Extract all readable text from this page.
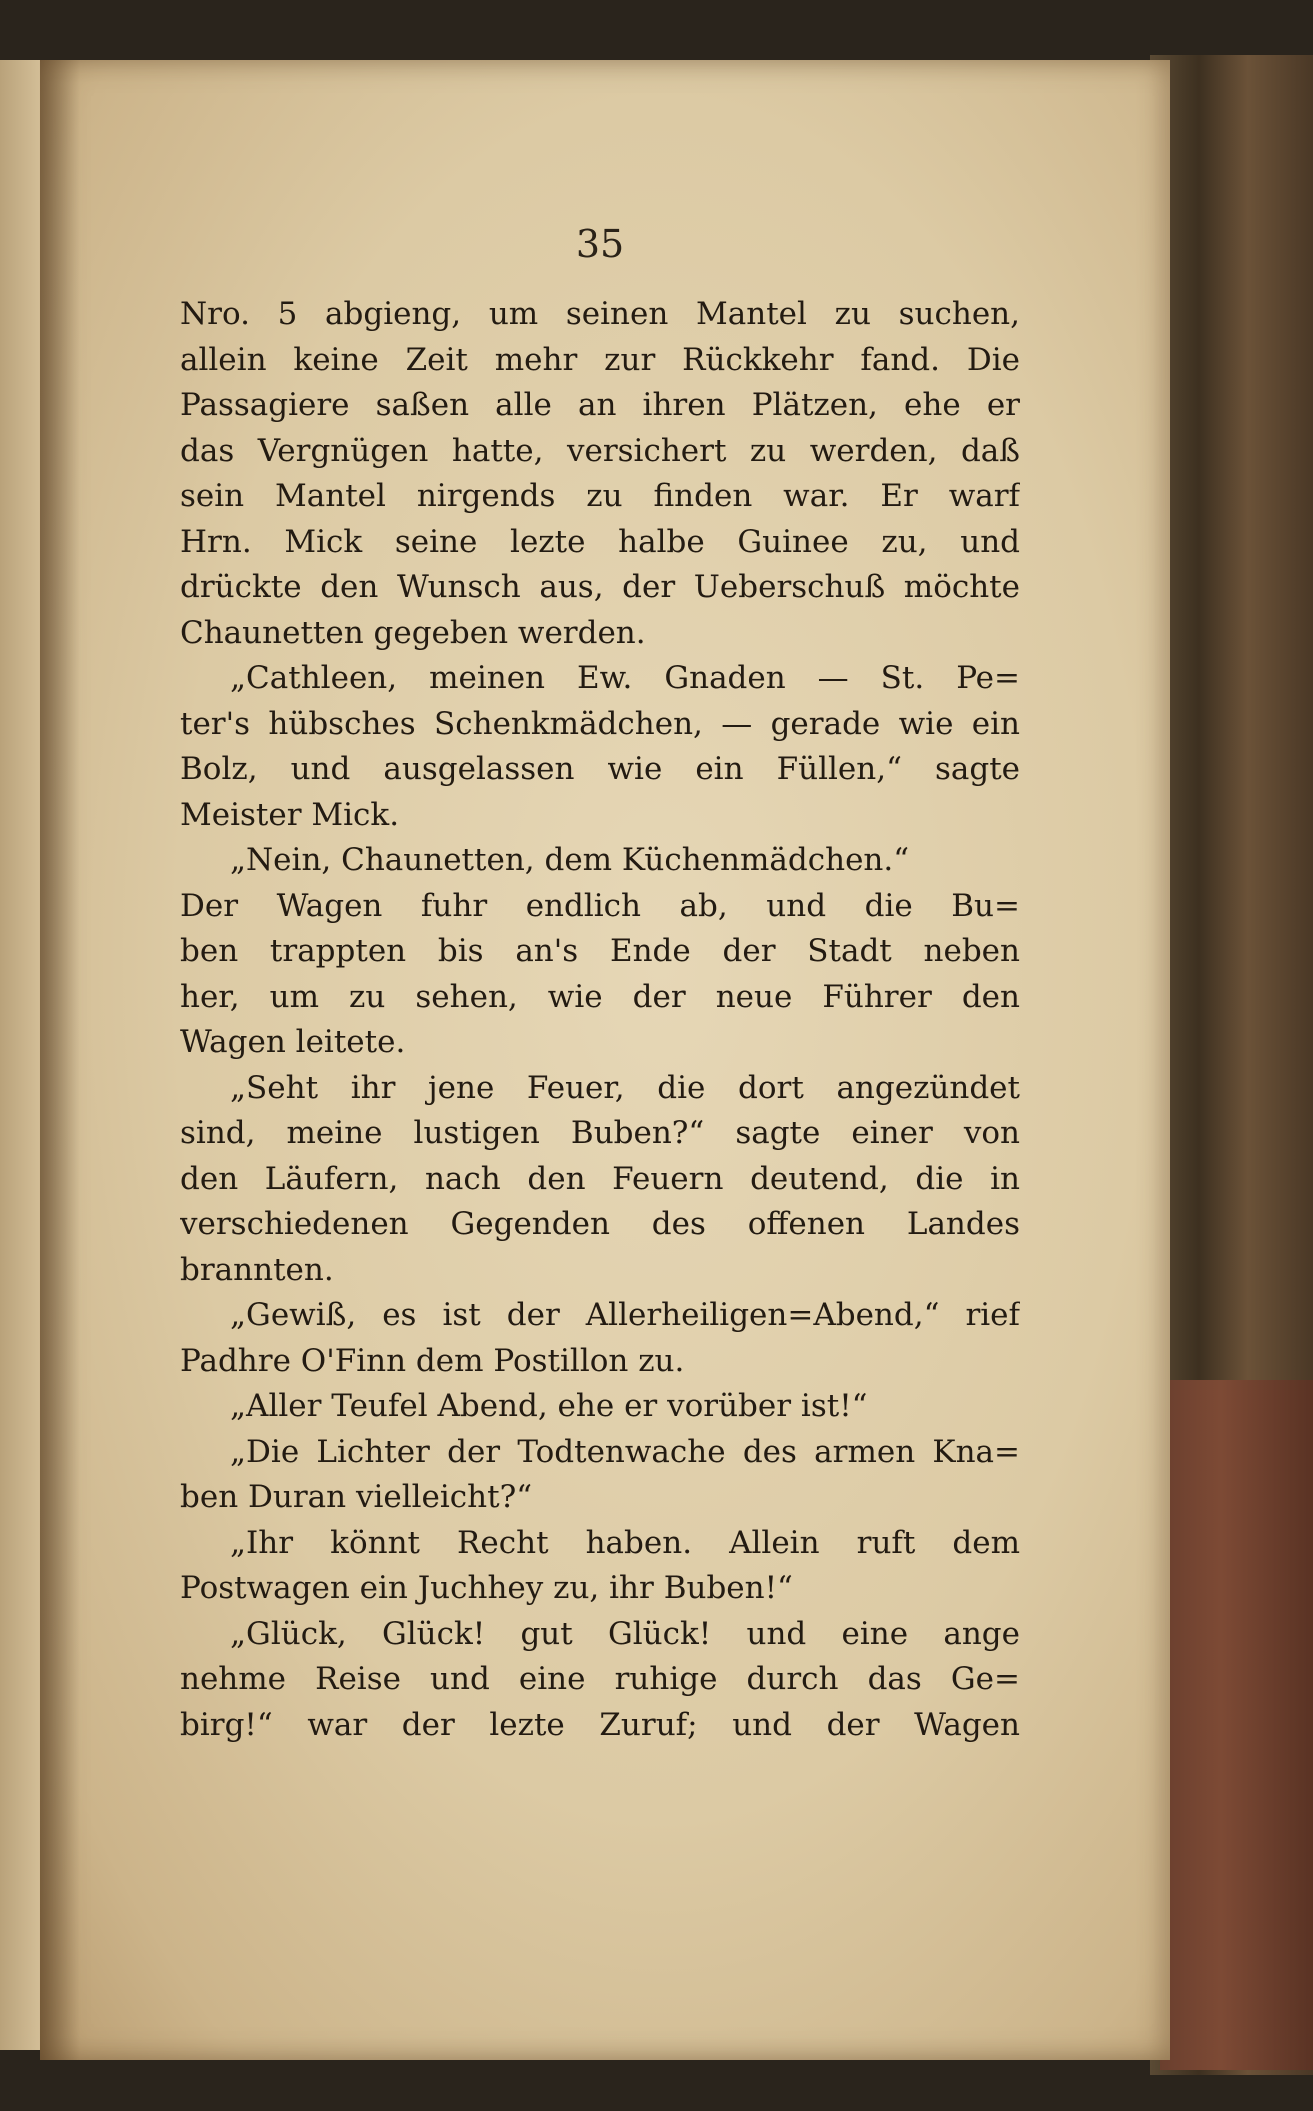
35
Nro. 5 abgieng, um seinen Mantel zu suchen,
allein keine Zeit mehr zur Rückkehr fand. Die
Passagiere saßen alle an ihren Plätzen, ehe er
das Vergnügen hatte, versichert zu werden, daß
sein Mantel nirgends zu finden war. Er warf
Hrn. Mick seine lezte halbe Guinee zu, und
drückte den Wunsch aus, der Ueberschuß möchte
Chaunetten gegeben werden.
„Cathleen, meinen Ew. Gnaden — St. Pe=
ter's hübsches Schenkmädchen, — gerade wie ein
Bolz, und ausgelassen wie ein Füllen,“ sagte
Meister Mick.
„Nein, Chaunetten, dem Küchenmädchen.“
Der Wagen fuhr endlich ab, und die Bu=
ben trappten bis an's Ende der Stadt neben
her, um zu sehen, wie der neue Führer den
Wagen leitete.
„Seht ihr jene Feuer, die dort angezündet
sind, meine lustigen Buben?“ sagte einer von
den Läufern, nach den Feuern deutend, die in
verschiedenen Gegenden des offenen Landes
brannten.
„Gewiß, es ist der Allerheiligen=Abend,“ rief
Padhre O'Finn dem Postillon zu.
„Aller Teufel Abend, ehe er vorüber ist!“
„Die Lichter der Todtenwache des armen Kna=
ben Duran vielleicht?“
„Ihr könnt Recht haben. Allein ruft dem
Postwagen ein Juchhey zu, ihr Buben!“
„Glück, Glück! gut Glück! und eine ange
nehme Reise und eine ruhige durch das Ge=
birg!“ war der lezte Zuruf; und der Wagen
